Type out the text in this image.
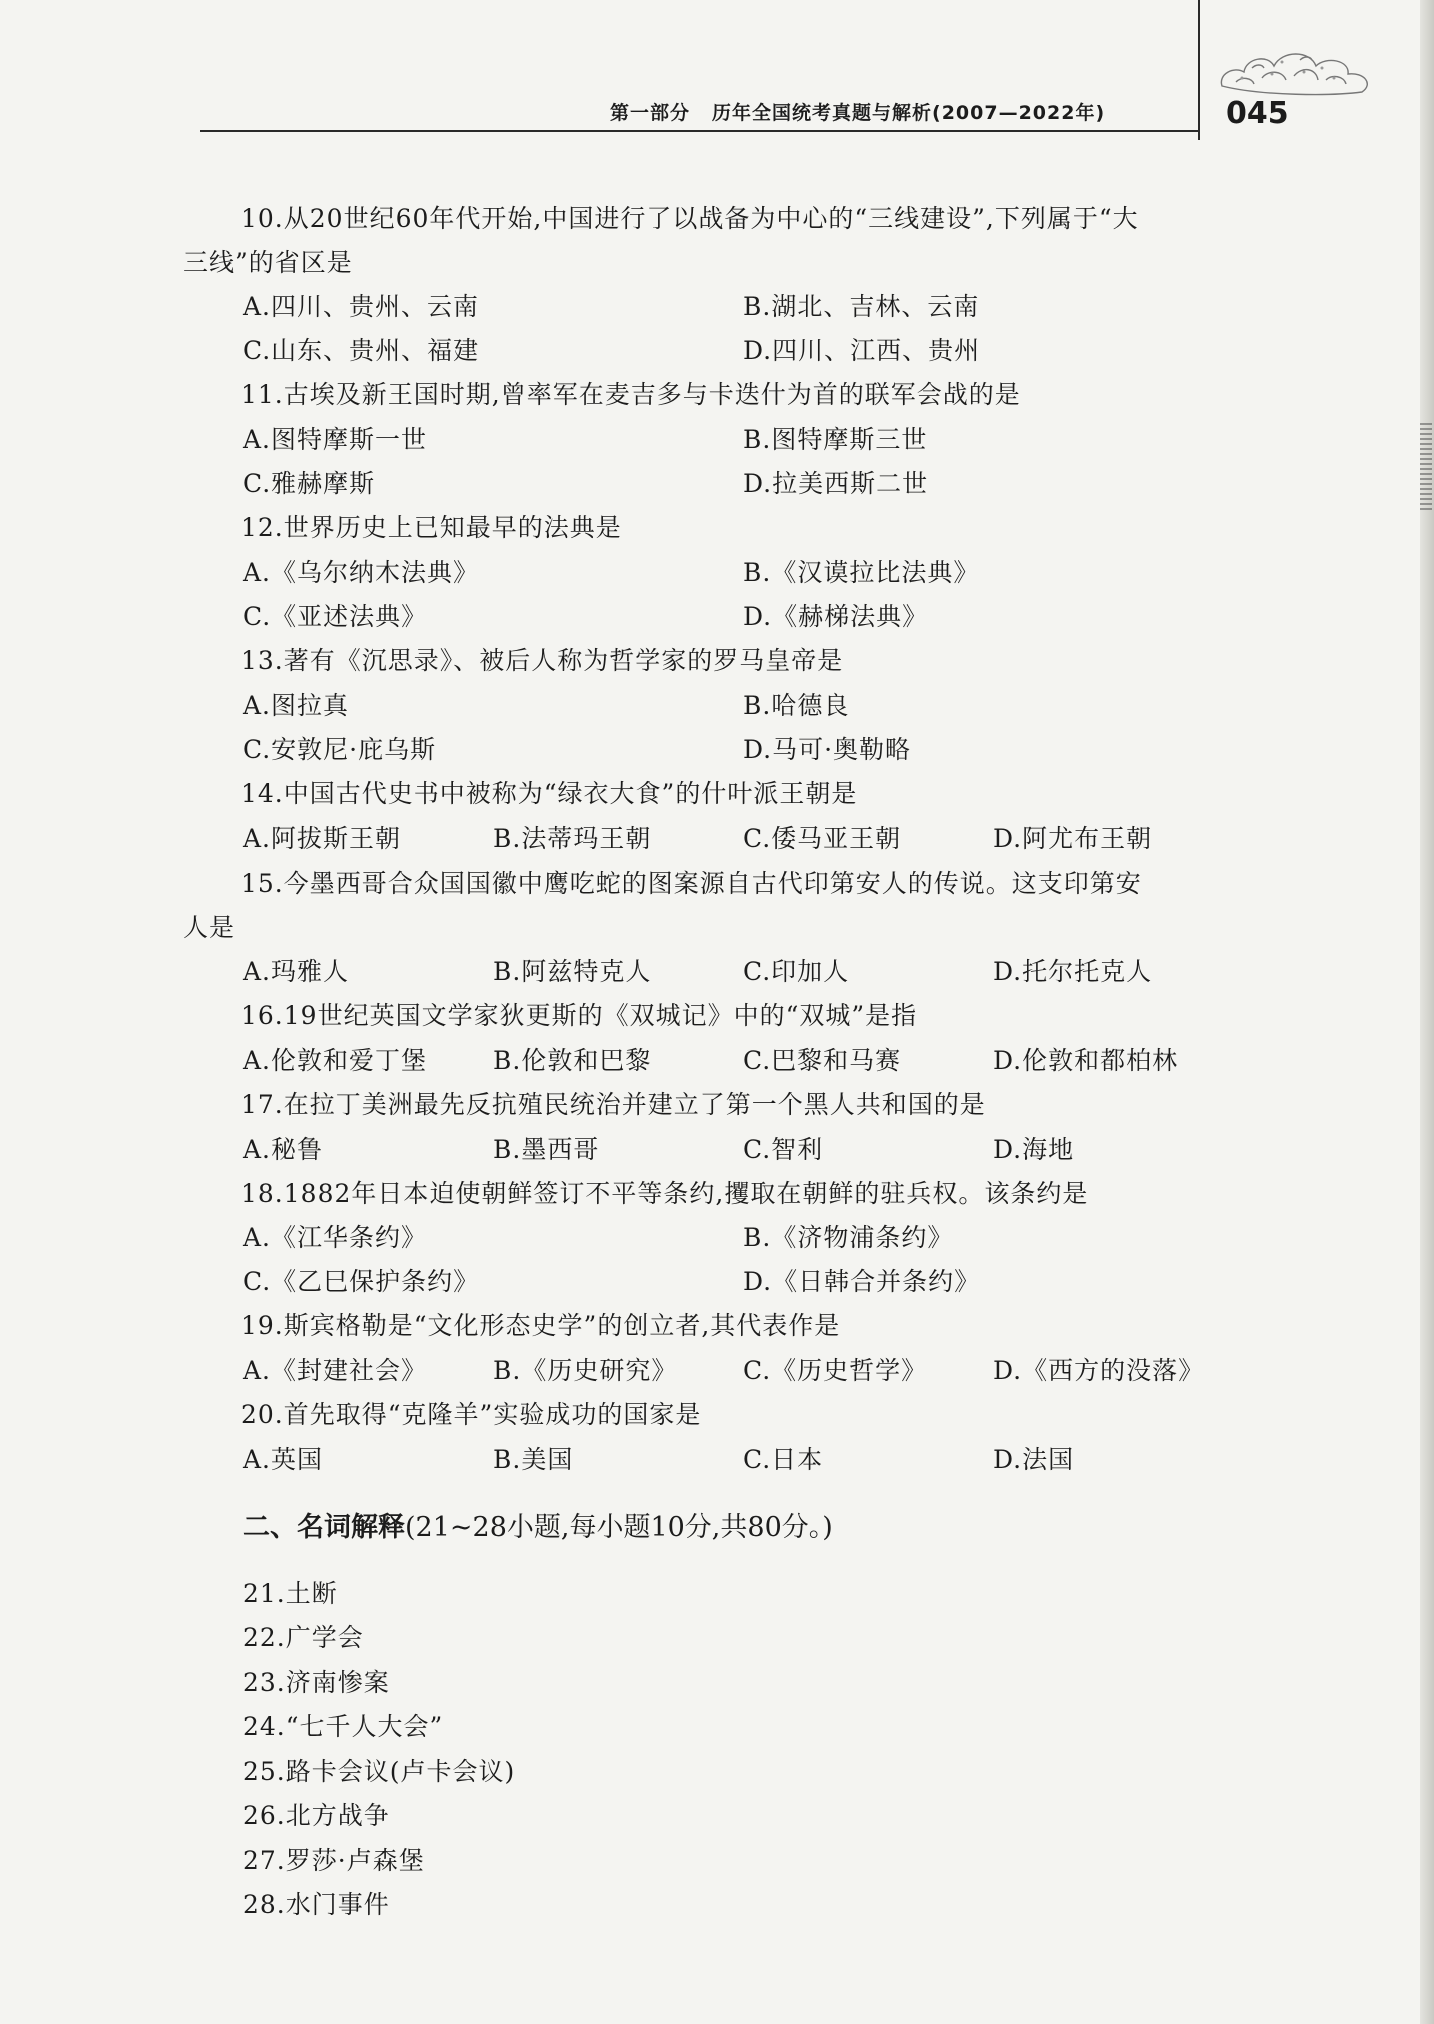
第一部分 历年全国统考真题与解析(2007—2022年)	045
10.从20世纪60年代开始,中国进行了以战备为中心的“三线建设”,下列属于“大
三线”的省区是
A.四川、贵州、云南	B.湖北、吉林、云南
C.山东、贵州、福建	D.四川、江西、贵州
11.古埃及新王国时期,曾率军在麦吉多与卡迭什为首的联军会战的是
A.图特摩斯一世	B.图特摩斯三世
C.雅赫摩斯	D.拉美西斯二世
12.世界历史上已知最早的法典是
A.《乌尔纳木法典》	B.《汉谟拉比法典》
C.《亚述法典》	D.《赫梯法典》
13.著有《沉思录》、被后人称为哲学家的罗马皇帝是
A.图拉真	B.哈德良
C.安敦尼·庇乌斯	D.马可·奥勒略
14.中国古代史书中被称为“绿衣大食”的什叶派王朝是
A.阿拔斯王朝	B.法蒂玛王朝	C.倭马亚王朝	D.阿尤布王朝
15.今墨西哥合众国国徽中鹰吃蛇的图案源自古代印第安人的传说。这支印第安
人是
A.玛雅人	B.阿兹特克人	C.印加人	D.托尔托克人
16.19世纪英国文学家狄更斯的《双城记》中的“双城”是指
A.伦敦和爱丁堡	B.伦敦和巴黎	C.巴黎和马赛	D.伦敦和都柏林
17.在拉丁美洲最先反抗殖民统治并建立了第一个黑人共和国的是
A.秘鲁	B.墨西哥	C.智利	D.海地
18.1882年日本迫使朝鲜签订不平等条约,攫取在朝鲜的驻兵权。该条约是
A.《江华条约》	B.《济物浦条约》
C.《乙巳保护条约》	D.《日韩合并条约》
19.斯宾格勒是“文化形态史学”的创立者,其代表作是
A.《封建社会》	B.《历史研究》	C.《历史哲学》	D.《西方的没落》
20.首先取得“克隆羊”实验成功的国家是
A.英国	B.美国	C.日本	D.法国
二、名词解释(21~28小题,每小题10分,共80分。)
21.土断
22.广学会
23.济南惨案
24.“七千人大会”
25.路卡会议(卢卡会议)
26.北方战争
27.罗莎·卢森堡
28.水门事件
